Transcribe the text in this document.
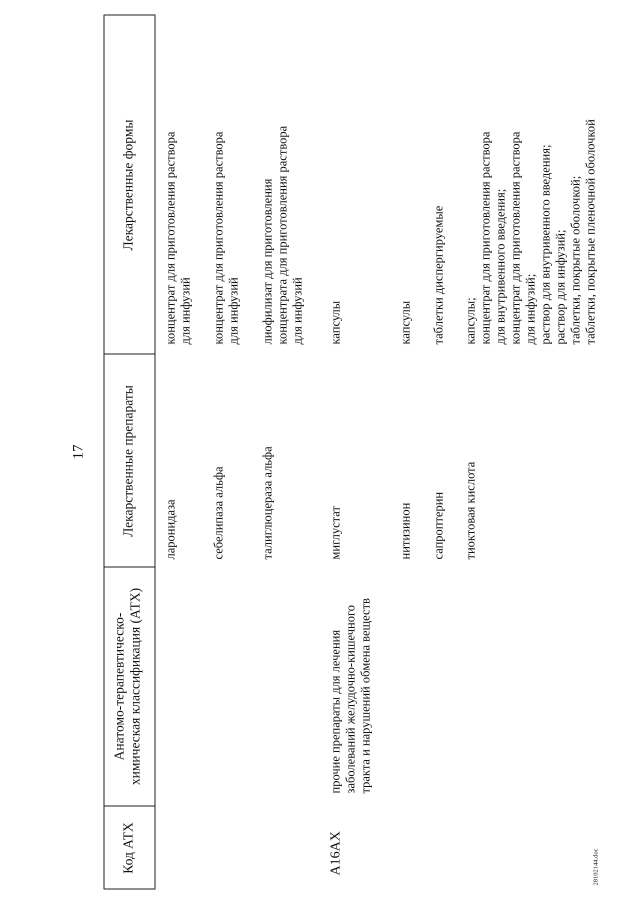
17
Код АТХ
Анатомо-терапевтическо-химическая классификация (АТХ)
Лекарственные препараты
Лекарственные формы
ларонидаза
концентрат для приготовления раствора для инфузий
себелипаза альфа
концентрат для приготовления раствора для инфузий
талиглюцераза альфа
лиофилизат для приготовления концентрата для приготовления раствора для инфузий
A16AX
прочие препараты для лечения заболеваний желудочно-кишечного тракта и нарушений обмена веществ
миглустат
капсулы
нитизинон
капсулы
сапроптерин
таблетки диспергируемые
тиоктовая кислота
капсулы; концентрат для приготовления раствора для внутривенного введения; концентрат для приготовления раствора для инфузий; раствор для внутривенного введения; раствор для инфузий; таблетки, покрытые оболочкой; таблетки, покрытые пленочной оболочкой
28102144.doc
